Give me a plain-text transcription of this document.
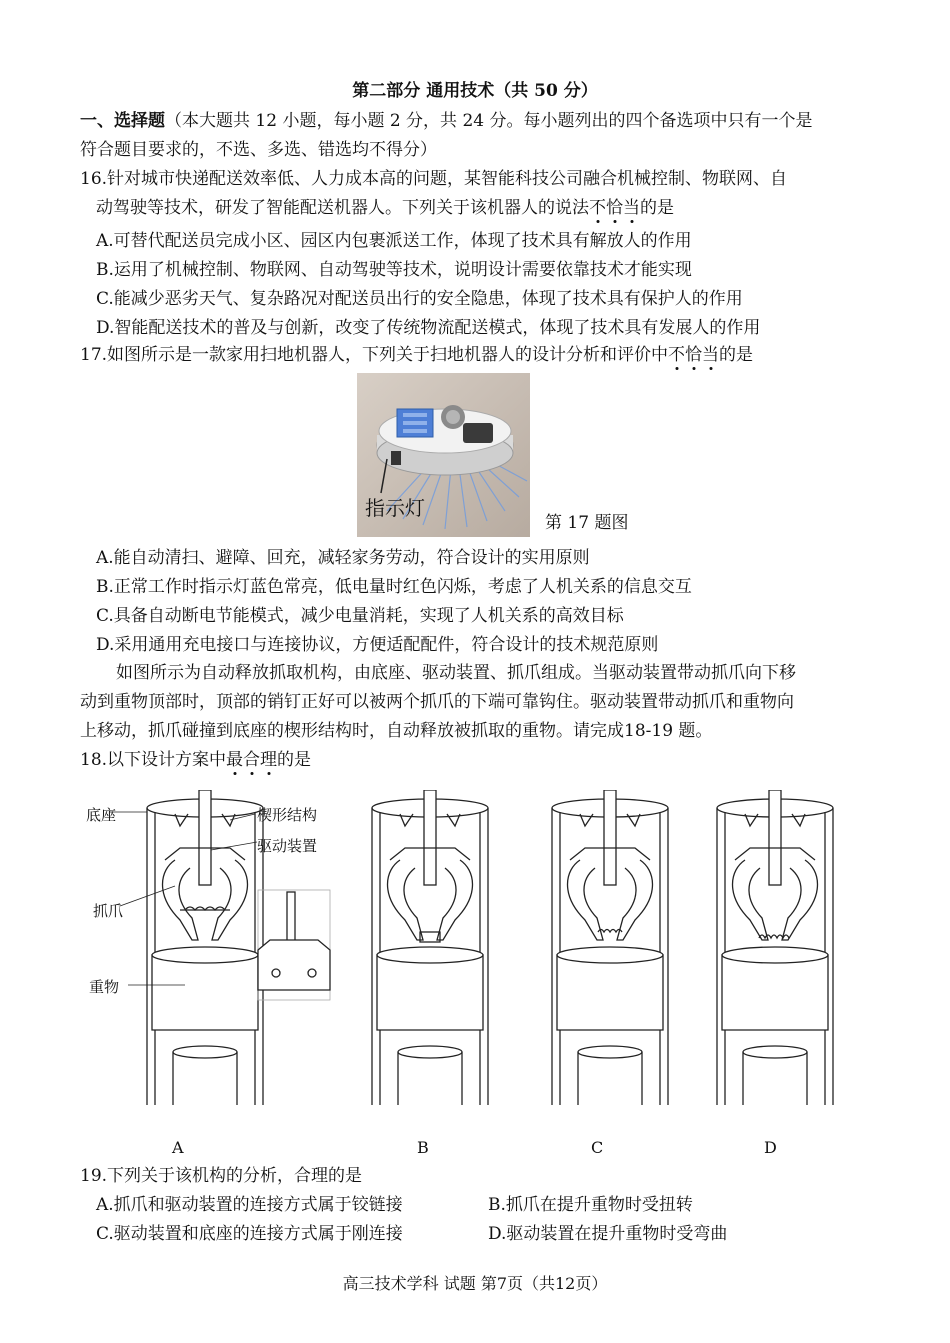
第二部分 通用技术（共 50 分）
一、选择题（本大题共 12 小题，每小题 2 分，共 24 分。每小题列出的四个备选项中只有一个是
符合题目要求的，不选、多选、错选均不得分）
16.针对城市快递配送效率低、人力成本高的问题，某智能科技公司融合机械控制、物联网、自
动驾驶等技术，研发了智能配送机器人。下列关于该机器人的说法不恰当的是
A.可替代配送员完成小区、园区内包裹派送工作，体现了技术具有解放人的作用
B.运用了机械控制、物联网、自动驾驶等技术，说明设计需要依靠技术才能实现
C.能减少恶劣天气、复杂路况对配送员出行的安全隐患，体现了技术具有保护人的作用
D.智能配送技术的普及与创新，改变了传统物流配送模式，体现了技术具有发展人的作用
17.如图所示是一款家用扫地机器人，下列关于扫地机器人的设计分析和评价中不恰当的是
指示灯
第 17 题图
A.能自动清扫、避障、回充，减轻家务劳动，符合设计的实用原则
B.正常工作时指示灯蓝色常亮，低电量时红色闪烁，考虑了人机关系的信息交互
C.具备自动断电节能模式，减少电量消耗，实现了人机关系的高效目标
D.采用通用充电接口与连接协议，方便适配配件，符合设计的技术规范原则
如图所示为自动释放抓取机构，由底座、驱动装置、抓爪组成。当驱动装置带动抓爪向下移
动到重物顶部时，顶部的销钉正好可以被两个抓爪的下端可靠钩住。驱动装置带动抓爪和重物向
上移动，抓爪碰撞到底座的楔形结构时，自动释放被抓取的重物。请完成18-19 题。
18.以下设计方案中最合理的是
底座	楔形结构
驱动装置
抓爪
重物
A	B	C	D
19.下列关于该机构的分析，合理的是
A.抓爪和驱动装置的连接方式属于铰链接	B.抓爪在提升重物时受扭转
C.驱动装置和底座的连接方式属于刚连接	D.驱动装置在提升重物时受弯曲
高三技术学科 试题 第7页（共12页）
